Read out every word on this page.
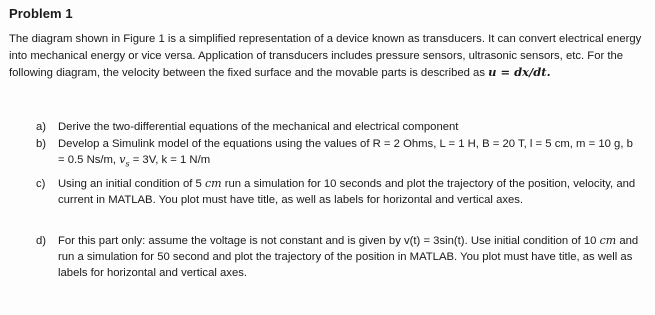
Problem 1
The diagram shown in Figure 1 is a simplified representation of a device known as transducers. It can convert electrical energy into mechanical energy or vice versa. Application of transducers includes pressure sensors, ultrasonic sensors, etc. For the following diagram, the velocity between the fixed surface and the movable parts is described as u = dx/dt.
a)	Derive the two-differential equations of the mechanical and electrical component
b)	Develop a Simulink model of the equations using the values of R = 2 Ohms, L = 1 H, B = 20 T, l = 5 cm, m = 10 g, b = 0.5 Ns/m, $v_s = 3V$, k = 1 N/m
c)	Using an initial condition of 5 cm run a simulation for 10 seconds and plot the trajectory of the position, velocity, and current in MATLAB. You plot must have title, as well as labels for horizontal and vertical axes.
d)	For this part only: assume the voltage is not constant and is given by v(t) = 3sin(t). Use initial condition of 10 cm and run a simulation for 50 second and plot the trajectory of the position in MATLAB. You plot must have title, as well as labels for horizontal and vertical axes.
